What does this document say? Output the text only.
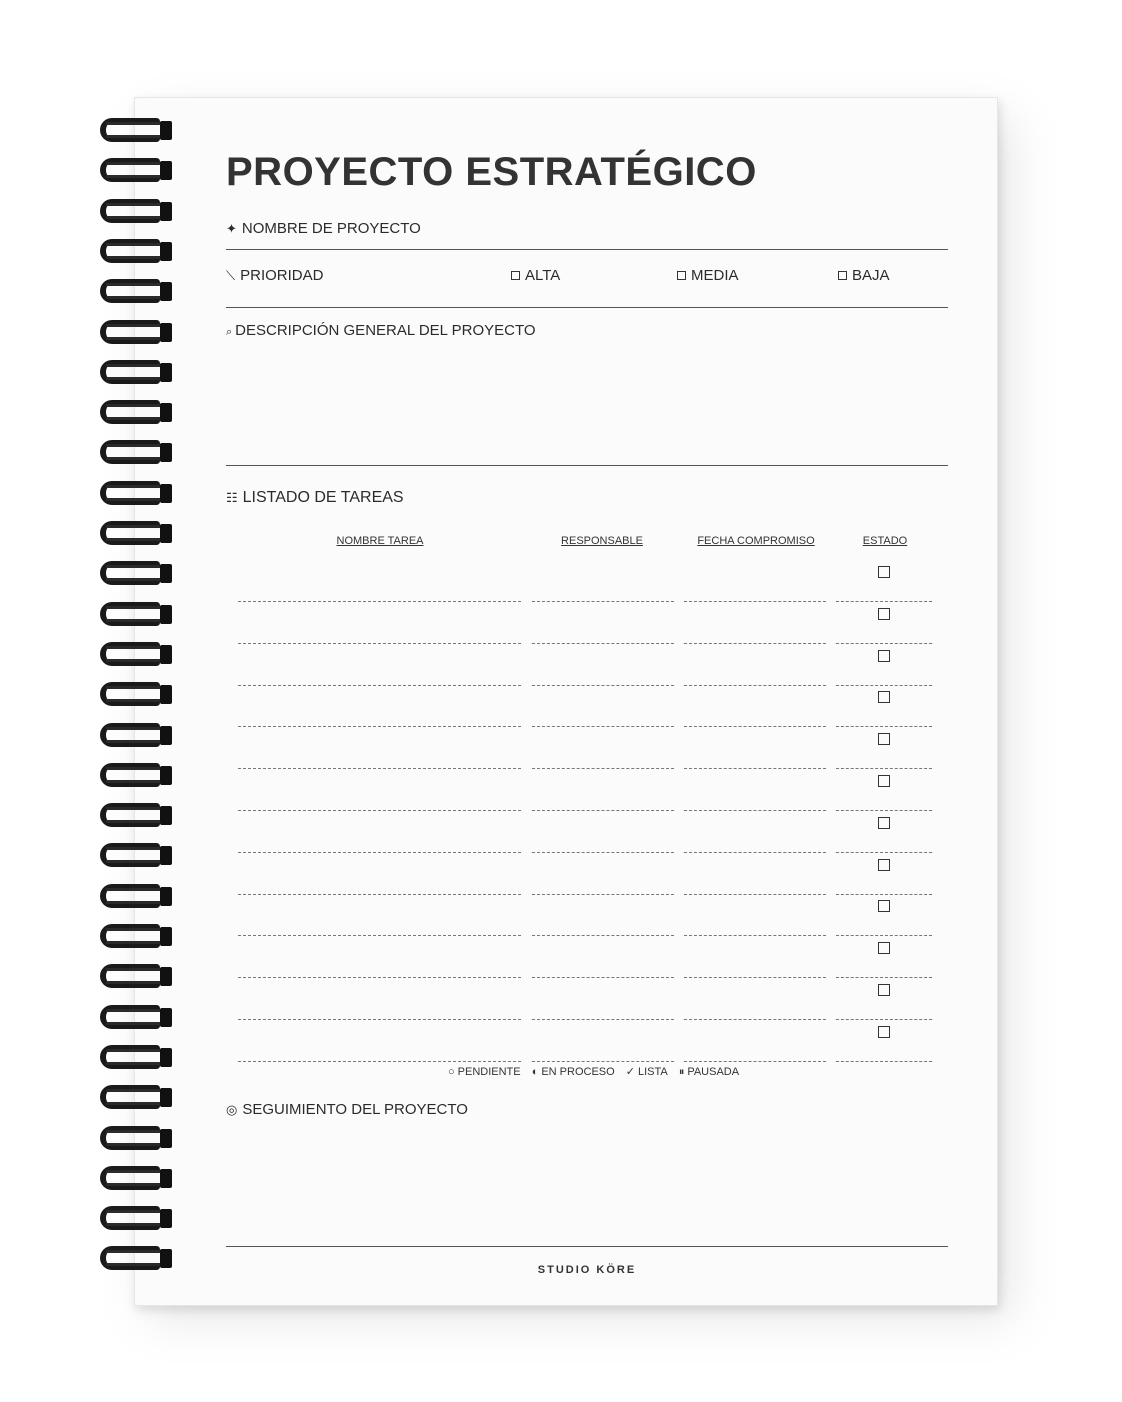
PROYECTO ESTRATÉGICO
✦ NOMBRE DE PROYECTO
⟍ PRIORIDAD	ALTA	MEDIA	BAJA
⌕ DESCRIPCIÓN GENERAL DEL PROYECTO
☷ LISTADO DE TAREAS
NOMBRE TAREA	RESPONSABLE	FECHA COMPROMISO	ESTADO
○ PENDIENTE ◐ EN PROCESO ✓ LISTA ⏸ PAUSADA
◎ SEGUIMIENTO DEL PROYECTO
STUDIO KÖRE
